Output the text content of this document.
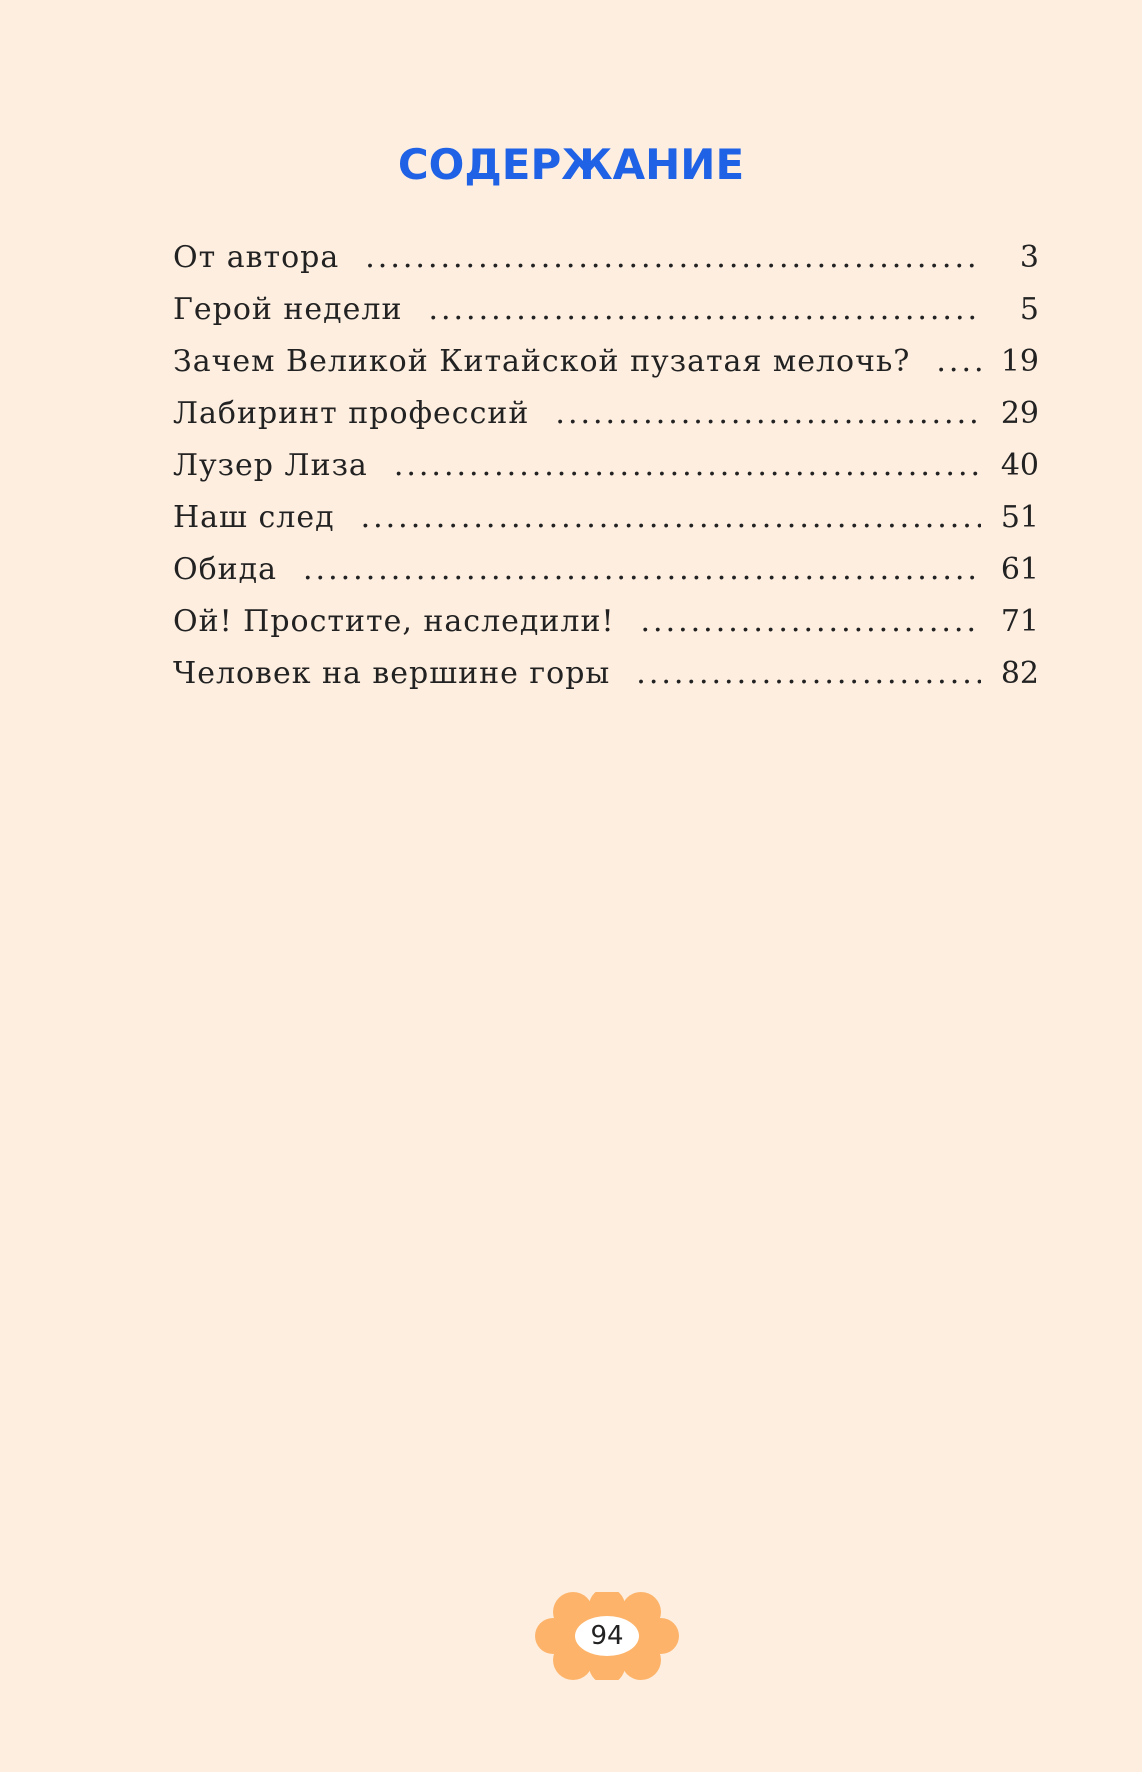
СОДЕРЖАНИЕ
От автора .....	3
Герой недели .....	5
Зачем Великой Китайской пузатая мелочь? .....	19
Лабиринт профессий .....	29
Лузер Лиза .....	40
Наш след .....	51
Обида .....	61
Ой! Простите, наследили! .....	71
Человек на вершине горы .....	82
94
